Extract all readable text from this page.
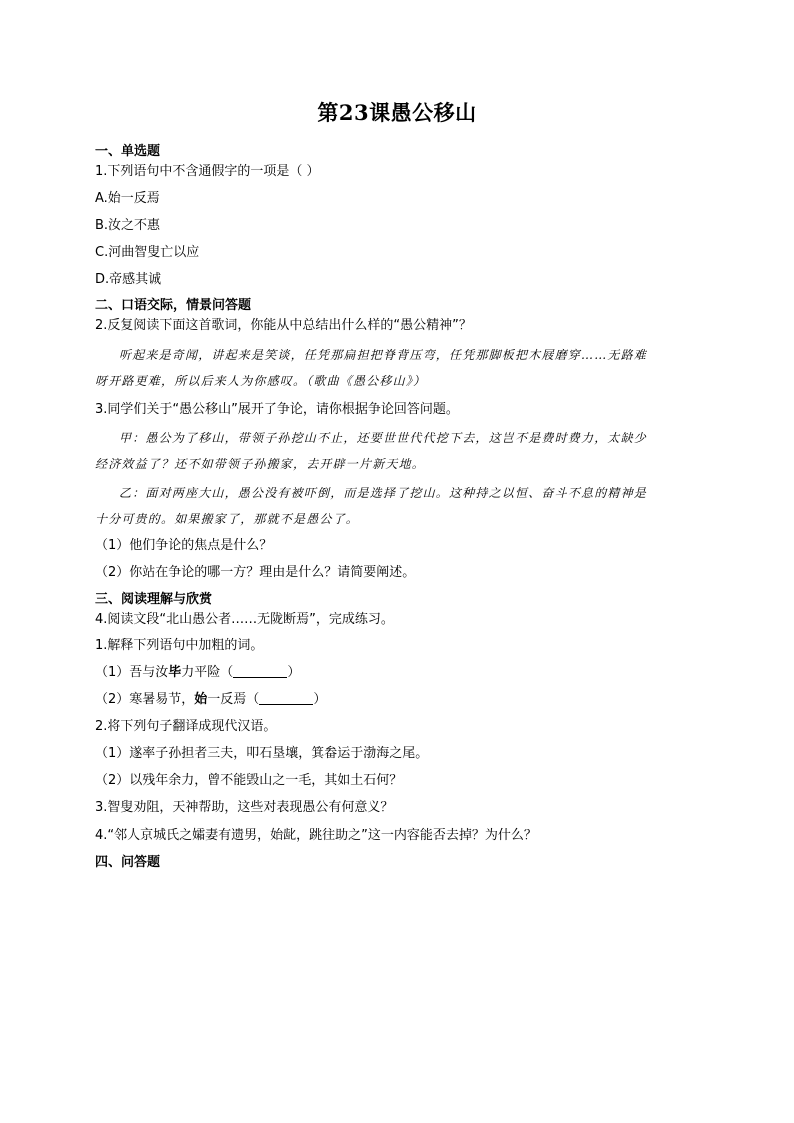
第23课愚公移山
一、单选题
1.下列语句中不含通假字的一项是（ ）
A.始一反焉
B.汝之不惠
C.河曲智叟亡以应
D.帝感其诚
二、口语交际，情景问答题
2.反复阅读下面这首歌词，你能从中总结出什么样的“愚公精神”？
听起来是奇闻，讲起来是笑谈，任凭那扁担把脊背压弯，任凭那脚板把木屐磨穿……无路难
呀开路更难，所以后来人为你感叹。（歌曲《愚公移山》）
3.同学们关于“愚公移山”展开了争论，请你根据争论回答问题。
甲：愚公为了移山，带领子孙挖山不止，还要世世代代挖下去，这岂不是费时费力，太缺少
经济效益了？还不如带领子孙搬家，去开辟一片新天地。
乙：面对两座大山，愚公没有被吓倒，而是选择了挖山。这种持之以恒、奋斗不息的精神是
十分可贵的。如果搬家了，那就不是愚公了。
（1）他们争论的焦点是什么？
（2）你站在争论的哪一方？理由是什么？请简要阐述。
三、阅读理解与欣赏
4.阅读文段“北山愚公者……无陇断焉”，完成练习。
1.解释下列语句中加粗的词。
（1）吾与汝毕力平险（	）
（2）寒暑易节，始一反焉（	）
2.将下列句子翻译成现代汉语。
（1）遂率子孙担者三夫，叩石垦壤，箕畚运于渤海之尾。
（2）以残年余力，曾不能毁山之一毛，其如土石何？
3.智叟劝阻，天神帮助，这些对表现愚公有何意义？
4.“邻人京城氏之孀妻有遗男，始龀，跳往助之”这一内容能否去掉？为什么？
四、问答题
